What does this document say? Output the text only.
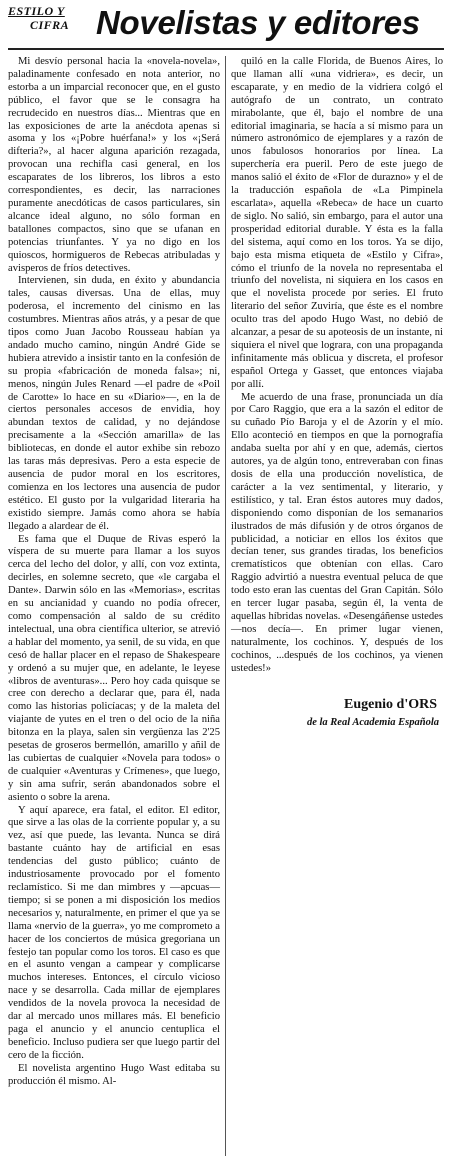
ESTILO Y
CIFRA Novelistas y editores

Mi desvío personal hacia la «novela-novela», paladinamente confesado en nota anterior, no estorba a un imparcial reconocer que, en el gusto público, el favor que se le consagra ha recrudecido en nuestros días... Mientras que en las exposiciones de arte la anécdota apenas si asoma y los «¡Pobre huérfana!» y los «¡Será difteria?», al hacer alguna aparición rezagada, provocan una rechifla casi general, en los escaparates de los libreros, los libros a esto correspondientes, es decir, las narraciones puramente anecdóticas de casos particulares, sin alcance ideal alguno, no sólo forman en batallones compactos, sino que se ufanan en potencias triunfantes. Y ya no digo en los quioscos, hormigueros de Rebecas atribuladas y avisperos de fríos detectives.

Intervienen, sin duda, en éxito y abundancia tales, causas diversas. Una de ellas, muy poderosa, el incremento del cinismo en las costumbres. Mientras años atrás, y a pesar de que tipos como Juan Jacobo Rousseau habían ya andado mucho camino, ningún André Gide se hubiera atrevido a insistir tanto en la confesión de su propia «fabricación de moneda falsa»; ni, menos, ningún Jules Renard —el padre de «Poil de Carotte» lo hace en su «Diario»—, en la de ciertos personales accesos de envidia, hoy abundan textos de calidad, y no dejándose precisamente a la «Sección amarilla» de las bibliotecas, en donde el autor exhibe sin rebozo las taras más depresivas. Pero a esta especie de ausencia de pudor moral en los escritores, comienza en los lectores una ausencia de pudor estético. El gusto por la vulgaridad literaria ha existido siempre. Jamás como ahora se había llegado a alardear de él.

Es fama que el Duque de Rivas esperó la víspera de su muerte para llamar a los suyos cerca del lecho del dolor, y allí, con voz extinta, decirles, en solemne secreto, que «le cargaba el Dante». Darwin sólo en las «Memorias», escritas en su ancianidad y cuando no podía ofrecer, como compensación al saldo de su crédito intelectual, una obra científica ulterior, se atrevió a hablar del momento, ya senil, de su vida, en que cesó de hallar placer en el repaso de Shakespeare y ordenó a su mujer que, en adelante, le leyese «libros de aventuras»... Pero hoy cada quisque se cree con derecho a declarar que, para él, nada como las historias policíacas; y de la maleta del viajante de yutes en el tren o del ocio de la niña bitonza en la playa, salen sin vergüenza las 2'25 pesetas de groseros bermellón, amarillo y añil de las cubiertas de cualquier «Novela para todos» o de cualquier «Aventuras y Crímenes», que luego, y sin ama sufrir, serán abandonados sobre el asiento o sobre la arena.

Y aquí aparece, era fatal, el editor. El editor, que sirve a las olas de la corriente popular y, a su vez, así que puede, las levanta. Nunca se dirá bastante cuánto hay de artificial en esas tendencias del gusto público; cuánto de industriosamente provocado por el fomento reclamístico. Si me dan mimbres y —apcuas— tiempo; si se ponen a mi disposición los medios necesarios y, naturalmente, en primer el que ya se llama «nervio de la guerra», yo me comprometo a hacer de los conciertos de música gregoriana un festejo tan popular como los toros. El caso es que en el asunto vengan a campear y complicarse muchos intereses. Entonces, el círculo vicioso nace y se desarrolla. Cada millar de ejemplares vendidos de la novela provoca la necesidad de dar al mercado unos millares más. El beneficio paga el anuncio y el anuncio centuplica el beneficio. Incluso pudiera ser que luego partir del cero de la ficción.

El novelista argentino Hugo Wast editaba su producción él mismo. Al-

quiló en la calle Florida, de Buenos Aires, lo que llaman allí «una vidriera», es decir, un escaparate, y en medio de la vidriera colgó el autógrafo de un contrato, un contrato mirabolante, que él, bajo el nombre de una editorial imaginaria, se hacía a sí mismo para un número astronómico de ejemplares y a razón de unos fabulosos honorarios por línea. La superchería era pueril. Pero de este juego de manos salió el éxito de «Flor de durazno» y el de la traducción española de «La Pimpinela escarlata», aquella «Rebeca» de hace un cuarto de siglo. No salió, sin embargo, para el autor una prosperidad editorial durable. Y ésta es la falla del sistema, aquí como en los toros. Ya se dijo, bajo esta misma etiqueta de «Estilo y Cifra», cómo el triunfo de la novela no representaba el triunfo del novelista, ni siquiera en los casos en que el novelista procede por series. El fruto literario del señor Zuviría, que éste es el nombre oculto tras del apodo Hugo Wast, no debió de alcanzar, a pesar de su apoteosis de un instante, ni siquiera el nivel que lograra, con una propaganda infinitamente más oblicua y discreta, el profesor español Ortega y Gasset, que entonces viajaba por allí.

Me acuerdo de una frase, pronunciada un día por Caro Raggio, que era a la sazón el editor de su cuñado Pío Baroja y el de Azorín y el mío. Ello aconteció en tiempos en que la pornografía andaba suelta por ahí y en que, además, ciertos autores, ya de algún tono, entreveraban con finas dosis de ella una producción novelística, de carácter a la vez sentimental, y literario, y estilístico, y tal. Eran éstos autores muy dados, disponiendo como disponían de los semanarios ilustrados de más difusión y de otros órganos de publicidad, a noticiar en ellos los éxitos que decían tener, sus grandes tiradas, los beneficios crematísticos que obtenían con ellas. Caro Raggio advirtió a nuestra eventual peluca de que todo esto eran las cuentas del Gran Capitán. Sólo en tercer lugar pasaba, según él, la venta de aquellas híbridas novelas. «Desengáñense ustedes —nos decía—. En primer lugar vienen, naturalmente, los cochinos. Y, después de los cochinos, ...después de los cochinos, ya vienen ustedes!»

Eugenio d'ORS
de la Real Academia Española
